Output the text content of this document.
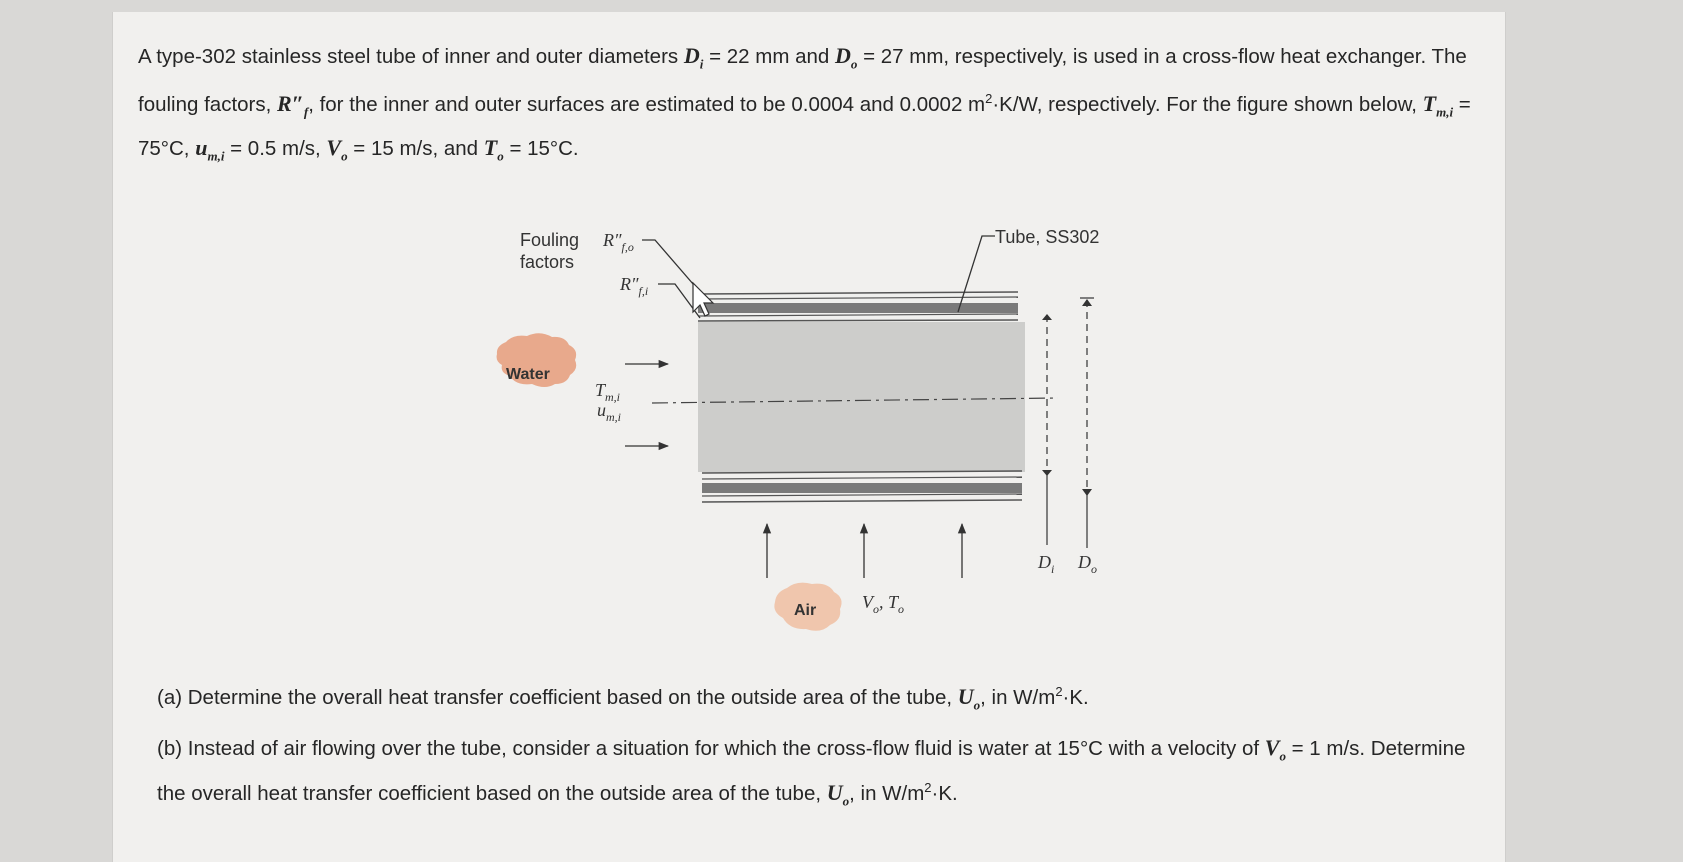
A type-302 stainless steel tube of inner and outer diameters $D_i = 22$ mm and $D_o = 27$ mm, respectively, is used in a cross-flow heat exchanger. The fouling factors, $R''_f$, for the inner and outer surfaces are estimated to be 0.0004 and 0.0002 $m^2\cdot K/W$, respectively. For the figure shown below, $T_{m,i} = 75^\circ C$, $u_{m,i} = 0.5$ m/s, $V_o = 15$ m/s, and $T_o = 15^\circ C$.
Fouling
factors
$R''_{f,o}$
$R''_{f,i}$
Tube, SS302
Water
$T_{m,i}$
$u_{m,i}$
Air	$V_o$, $T_o$
$D_i$ $D_o$
(a) Determine the overall heat transfer coefficient based on the outside area of the tube, $U_o$, in $W/m^2\cdot K$.
(b) Instead of air flowing over the tube, consider a situation for which the cross-flow fluid is water at 15°C with a velocity of $V_o = 1$ m/s. Determine the overall heat transfer coefficient based on the outside area of the tube, $U_o$, in $W/m^2\cdot K$.
